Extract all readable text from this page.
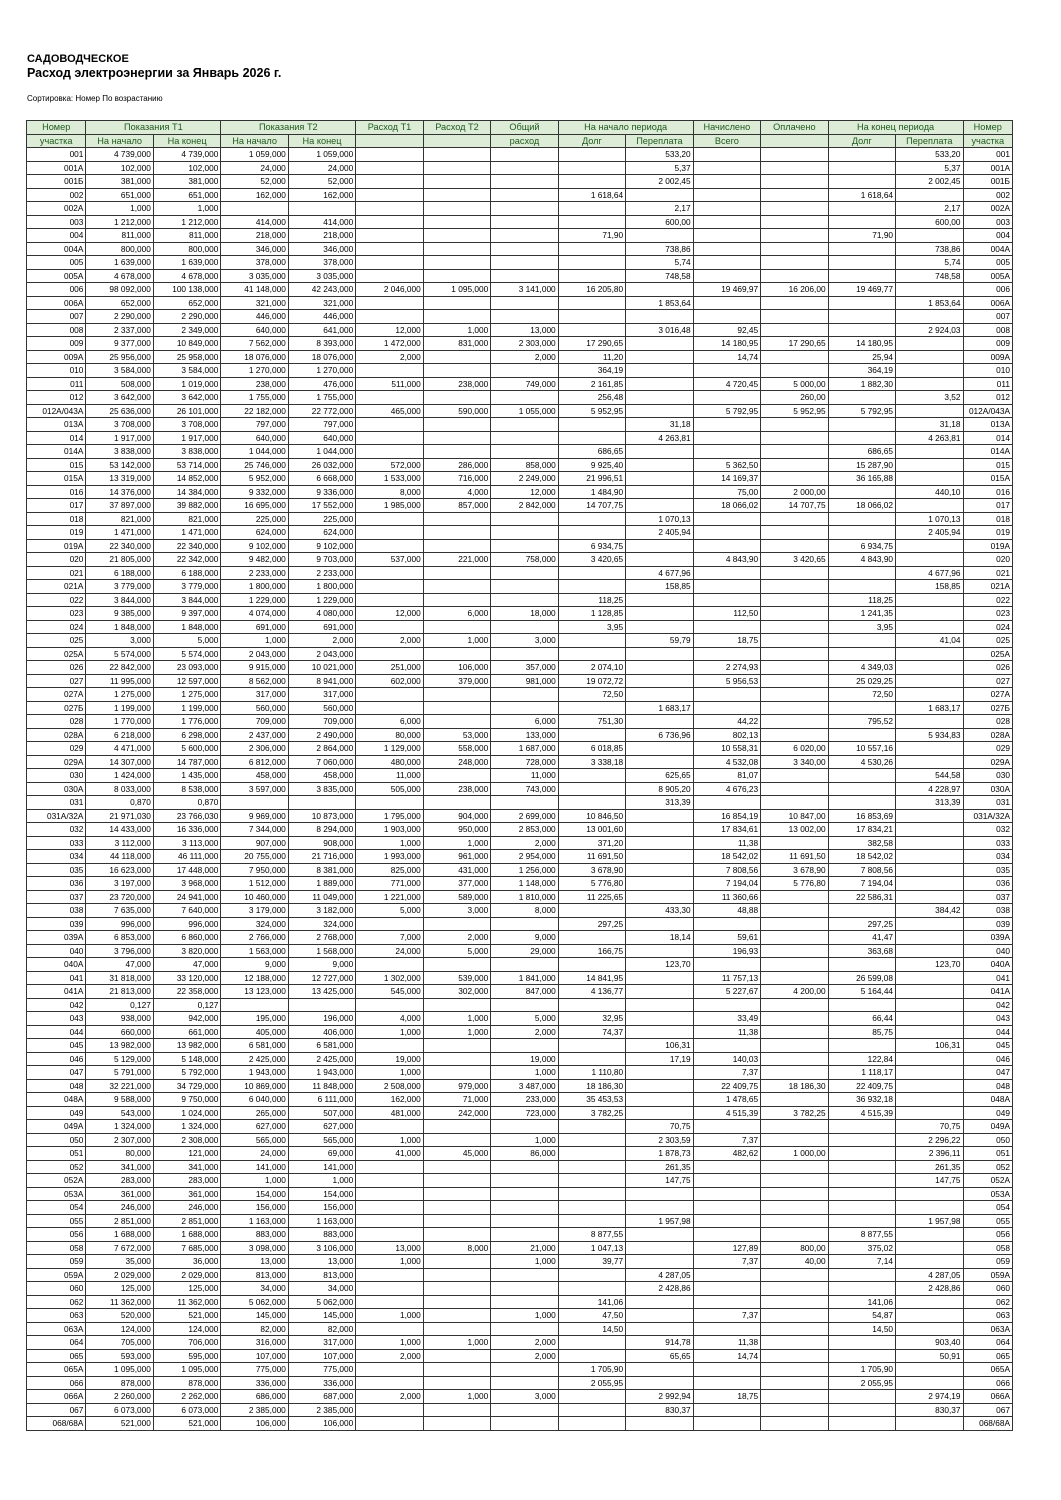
САДОВОДЧЕСКОЕ
Расход электроэнергии за Январь 2026 г.
Сортировка: Номер По возрастанию
Номер	Показания Т1		Показания Т2		Расход Т1	Расход Т2	Общий	На начало периода		Начислено	Оплачено	На конец периода		Номер
участка	На начало	На конец	На начало	На конец			расход	Долг	Переплата	Всего		Долг	Переплата	участка
001	4 739,000	4 739,000	1 059,000	1 059,000					533,20				533,20	001
001А	102,000	102,000	24,000	24,000					5,37				5,37	001А
001Б	381,000	381,000	52,000	52,000					2 002,45				2 002,45	001Б
002	651,000	651,000	162,000	162,000				1 618,64				1 618,64		002
002А	1,000	1,000							2,17				2,17	002А
003	1 212,000	1 212,000	414,000	414,000					600,00				600,00	003
004	811,000	811,000	218,000	218,000				71,90				71,90		004
004А	800,000	800,000	346,000	346,000					738,86				738,86	004А
005	1 639,000	1 639,000	378,000	378,000					5,74				5,74	005
005А	4 678,000	4 678,000	3 035,000	3 035,000					748,58				748,58	005А
006	98 092,000	100 138,000	41 148,000	42 243,000	2 046,000	1 095,000	3 141,000	16 205,80		19 469,97	16 206,00	19 469,77		006
006А	652,000	652,000	321,000	321,000					1 853,64				1 853,64	006А
007	2 290,000	2 290,000	446,000	446,000										007
008	2 337,000	2 349,000	640,000	641,000	12,000	1,000	13,000		3 016,48	92,45			2 924,03	008
009	9 377,000	10 849,000	7 562,000	8 393,000	1 472,000	831,000	2 303,000	17 290,65		14 180,95	17 290,65	14 180,95		009
009А	25 956,000	25 958,000	18 076,000	18 076,000	2,000		2,000	11,20		14,74		25,94		009А
010	3 584,000	3 584,000	1 270,000	1 270,000				364,19				364,19		010
011	508,000	1 019,000	238,000	476,000	511,000	238,000	749,000	2 161,85		4 720,45	5 000,00	1 882,30		011
012	3 642,000	3 642,000	1 755,000	1 755,000				256,48			260,00		3,52	012
012А/043А	25 636,000	26 101,000	22 182,000	22 772,000	465,000	590,000	1 055,000	5 952,95		5 792,95	5 952,95	5 792,95		012А/043А
013А	3 708,000	3 708,000	797,000	797,000					31,18				31,18	013А
014	1 917,000	1 917,000	640,000	640,000					4 263,81				4 263,81	014
014А	3 838,000	3 838,000	1 044,000	1 044,000				686,65				686,65		014А
015	53 142,000	53 714,000	25 746,000	26 032,000	572,000	286,000	858,000	9 925,40		5 362,50		15 287,90		015
015А	13 319,000	14 852,000	5 952,000	6 668,000	1 533,000	716,000	2 249,000	21 996,51		14 169,37		36 165,88		015А
016	14 376,000	14 384,000	9 332,000	9 336,000	8,000	4,000	12,000	1 484,90		75,00	2 000,00		440,10	016
017	37 897,000	39 882,000	16 695,000	17 552,000	1 985,000	857,000	2 842,000	14 707,75		18 066,02	14 707,75	18 066,02		017
018	821,000	821,000	225,000	225,000					1 070,13				1 070,13	018
019	1 471,000	1 471,000	624,000	624,000					2 405,94				2 405,94	019
019А	22 340,000	22 340,000	9 102,000	9 102,000				6 934,75				6 934,75		019А
020	21 805,000	22 342,000	9 482,000	9 703,000	537,000	221,000	758,000	3 420,65		4 843,90	3 420,65	4 843,90		020
021	6 188,000	6 188,000	2 233,000	2 233,000					4 677,96				4 677,96	021
021А	3 779,000	3 779,000	1 800,000	1 800,000					158,85				158,85	021А
022	3 844,000	3 844,000	1 229,000	1 229,000				118,25				118,25		022
023	9 385,000	9 397,000	4 074,000	4 080,000	12,000	6,000	18,000	1 128,85		112,50		1 241,35		023
024	1 848,000	1 848,000	691,000	691,000				3,95				3,95		024
025	3,000	5,000	1,000	2,000	2,000	1,000	3,000		59,79	18,75			41,04	025
025А	5 574,000	5 574,000	2 043,000	2 043,000										025А
026	22 842,000	23 093,000	9 915,000	10 021,000	251,000	106,000	357,000	2 074,10		2 274,93		4 349,03		026
027	11 995,000	12 597,000	8 562,000	8 941,000	602,000	379,000	981,000	19 072,72		5 956,53		25 029,25		027
027А	1 275,000	1 275,000	317,000	317,000				72,50				72,50		027А
027Б	1 199,000	1 199,000	560,000	560,000					1 683,17				1 683,17	027Б
028	1 770,000	1 776,000	709,000	709,000	6,000		6,000	751,30		44,22		795,52		028
028А	6 218,000	6 298,000	2 437,000	2 490,000	80,000	53,000	133,000		6 736,96	802,13			5 934,83	028А
029	4 471,000	5 600,000	2 306,000	2 864,000	1 129,000	558,000	1 687,000	6 018,85		10 558,31	6 020,00	10 557,16		029
029А	14 307,000	14 787,000	6 812,000	7 060,000	480,000	248,000	728,000	3 338,18		4 532,08	3 340,00	4 530,26		029А
030	1 424,000	1 435,000	458,000	458,000	11,000		11,000		625,65	81,07			544,58	030
030А	8 033,000	8 538,000	3 597,000	3 835,000	505,000	238,000	743,000		8 905,20	4 676,23			4 228,97	030А
031	0,870	0,870							313,39				313,39	031
031А/32А	21 971,030	23 766,030	9 969,000	10 873,000	1 795,000	904,000	2 699,000	10 846,50		16 854,19	10 847,00	16 853,69		031А/32А
032	14 433,000	16 336,000	7 344,000	8 294,000	1 903,000	950,000	2 853,000	13 001,60		17 834,61	13 002,00	17 834,21		032
033	3 112,000	3 113,000	907,000	908,000	1,000	1,000	2,000	371,20		11,38		382,58		033
034	44 118,000	46 111,000	20 755,000	21 716,000	1 993,000	961,000	2 954,000	11 691,50		18 542,02	11 691,50	18 542,02		034
035	16 623,000	17 448,000	7 950,000	8 381,000	825,000	431,000	1 256,000	3 678,90		7 808,56	3 678,90	7 808,56		035
036	3 197,000	3 968,000	1 512,000	1 889,000	771,000	377,000	1 148,000	5 776,80		7 194,04	5 776,80	7 194,04		036
037	23 720,000	24 941,000	10 460,000	11 049,000	1 221,000	589,000	1 810,000	11 225,65		11 360,66		22 586,31		037
038	7 635,000	7 640,000	3 179,000	3 182,000	5,000	3,000	8,000		433,30	48,88			384,42	038
039	996,000	996,000	324,000	324,000				297,25				297,25		039
039А	6 853,000	6 860,000	2 766,000	2 768,000	7,000	2,000	9,000		18,14	59,61		41,47		039А
040	3 796,000	3 820,000	1 563,000	1 568,000	24,000	5,000	29,000	166,75		196,93		363,68		040
040А	47,000	47,000	9,000	9,000					123,70				123,70	040А
041	31 818,000	33 120,000	12 188,000	12 727,000	1 302,000	539,000	1 841,000	14 841,95		11 757,13		26 599,08		041
041А	21 813,000	22 358,000	13 123,000	13 425,000	545,000	302,000	847,000	4 136,77		5 227,67	4 200,00	5 164,44		041А
042	0,127	0,127												042
043	938,000	942,000	195,000	196,000	4,000	1,000	5,000	32,95		33,49		66,44		043
044	660,000	661,000	405,000	406,000	1,000	1,000	2,000	74,37		11,38		85,75		044
045	13 982,000	13 982,000	6 581,000	6 581,000					106,31				106,31	045
046	5 129,000	5 148,000	2 425,000	2 425,000	19,000		19,000		17,19	140,03		122,84		046
047	5 791,000	5 792,000	1 943,000	1 943,000	1,000		1,000	1 110,80		7,37		1 118,17		047
048	32 221,000	34 729,000	10 869,000	11 848,000	2 508,000	979,000	3 487,000	18 186,30		22 409,75	18 186,30	22 409,75		048
048А	9 588,000	9 750,000	6 040,000	6 111,000	162,000	71,000	233,000	35 453,53		1 478,65		36 932,18		048А
049	543,000	1 024,000	265,000	507,000	481,000	242,000	723,000	3 782,25		4 515,39	3 782,25	4 515,39		049
049А	1 324,000	1 324,000	627,000	627,000					70,75				70,75	049А
050	2 307,000	2 308,000	565,000	565,000	1,000		1,000		2 303,59	7,37			2 296,22	050
051	80,000	121,000	24,000	69,000	41,000	45,000	86,000		1 878,73	482,62	1 000,00		2 396,11	051
052	341,000	341,000	141,000	141,000					261,35				261,35	052
052А	283,000	283,000	1,000	1,000					147,75				147,75	052А
053А	361,000	361,000	154,000	154,000										053А
054	246,000	246,000	156,000	156,000										054
055	2 851,000	2 851,000	1 163,000	1 163,000					1 957,98				1 957,98	055
056	1 688,000	1 688,000	883,000	883,000				8 877,55				8 877,55		056
058	7 672,000	7 685,000	3 098,000	3 106,000	13,000	8,000	21,000	1 047,13		127,89	800,00	375,02		058
059	35,000	36,000	13,000	13,000	1,000		1,000	39,77		7,37	40,00	7,14		059
059А	2 029,000	2 029,000	813,000	813,000					4 287,05				4 287,05	059А
060	125,000	125,000	34,000	34,000					2 428,86				2 428,86	060
062	11 362,000	11 362,000	5 062,000	5 062,000				141,06				141,06		062
063	520,000	521,000	145,000	145,000	1,000		1,000	47,50		7,37		54,87		063
063А	124,000	124,000	82,000	82,000				14,50				14,50		063А
064	705,000	706,000	316,000	317,000	1,000	1,000	2,000		914,78	11,38			903,40	064
065	593,000	595,000	107,000	107,000	2,000		2,000		65,65	14,74			50,91	065
065А	1 095,000	1 095,000	775,000	775,000				1 705,90				1 705,90		065А
066	878,000	878,000	336,000	336,000				2 055,95				2 055,95		066
066А	2 260,000	2 262,000	686,000	687,000	2,000	1,000	3,000		2 992,94	18,75			2 974,19	066А
067	6 073,000	6 073,000	2 385,000	2 385,000					830,37				830,37	067
068/68А	521,000	521,000	106,000	106,000										068/68А
